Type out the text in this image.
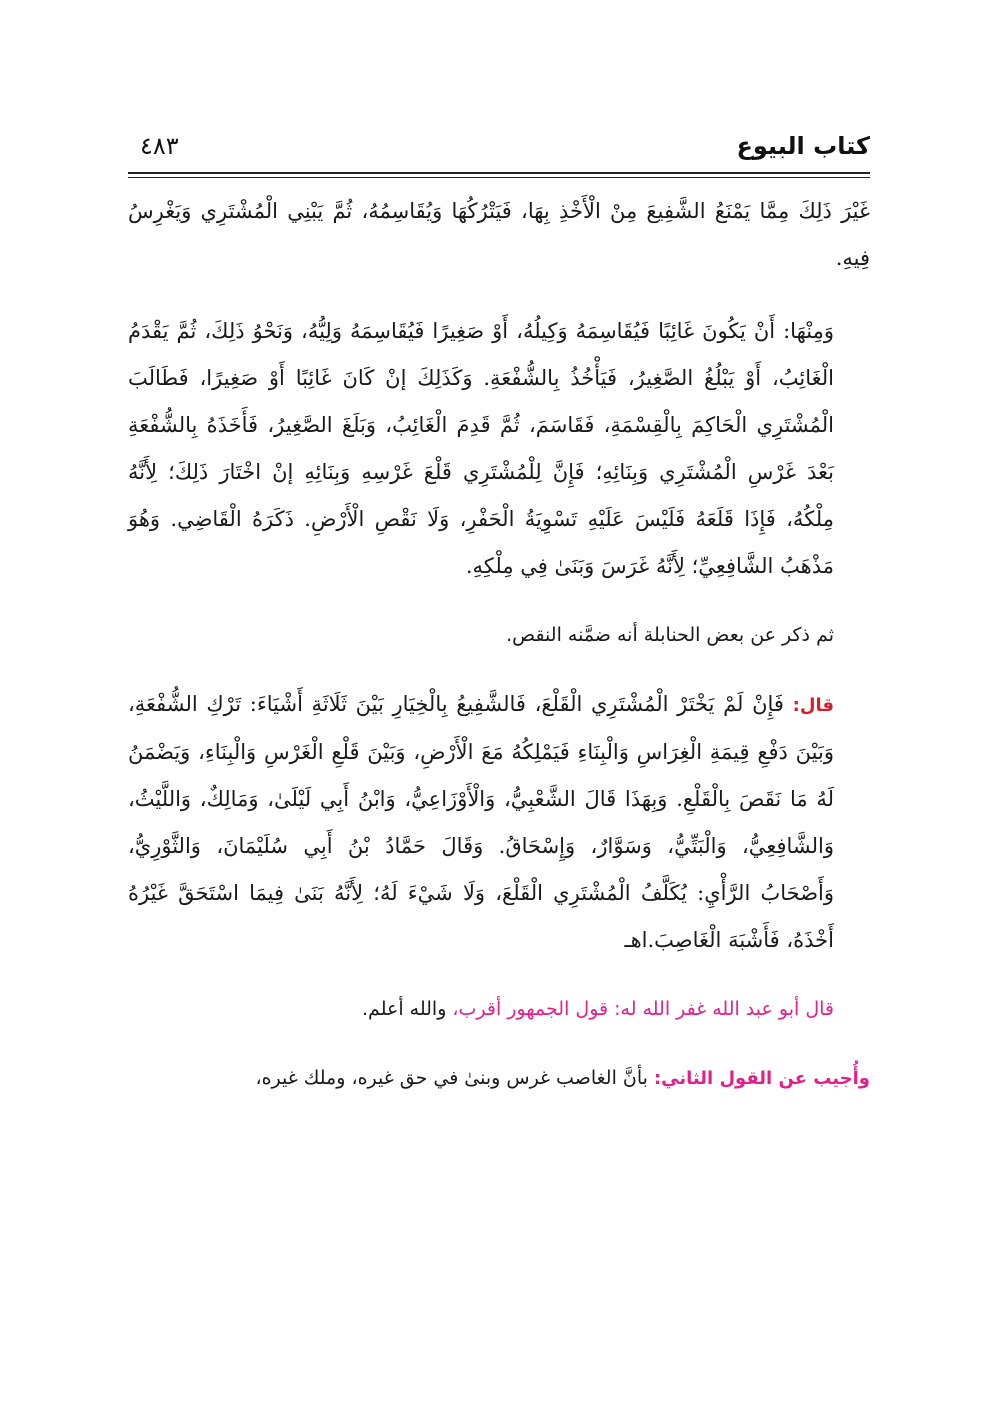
كتاب البيوع
٤٨٣

غَيْرَ ذَلِكَ مِمَّا يَمْنَعُ الشَّفِيعَ مِنْ الْأَخْذِ بِهَا، فَيَتْرُكُهَا وَيُقَاسِمُهُ، ثُمَّ يَبْنِي الْمُشْتَرِي وَيَغْرِسُ فِيهِ.

وَمِنْهَا: أَنْ يَكُونَ غَائِبًا فَيُقَاسِمَهُ وَكِيلُهُ، أَوْ صَغِيرًا فَيُقَاسِمَهُ وَلِيُّهُ، وَنَحْوُ ذَلِكَ، ثُمَّ يَقْدَمُ الْغَائِبُ، أَوْ يَبْلُغُ الصَّغِيرُ، فَيَأْخُذُ بِالشُّفْعَةِ. وَكَذَلِكَ إنْ كَانَ غَائِبًا أَوْ صَغِيرًا، فَطَالَبَ الْمُشْتَرِي الْحَاكِمَ بِالْقِسْمَةِ، فَقَاسَمَ، ثُمَّ قَدِمَ الْغَائِبُ، وَبَلَغَ الصَّغِيرُ، فَأَخَذَهُ بِالشُّفْعَةِ بَعْدَ غَرْسِ الْمُشْتَرِي وَبِنَائِهِ؛ فَإِنَّ لِلْمُشْتَرِي قَلْعَ غَرْسِهِ وَبِنَائِهِ إنْ اخْتَارَ ذَلِكَ؛ لِأَنَّهُ مِلْكُهُ، فَإِذَا قَلَعَهُ فَلَيْسَ عَلَيْهِ تَسْوِيَةُ الْحَفْرِ، وَلَا نَقْصِ الْأَرْضِ. ذَكَرَهُ الْقَاضِي. وَهُوَ مَذْهَبُ الشَّافِعِيِّ؛ لِأَنَّهُ غَرَسَ وَبَنَىٰ فِي مِلْكِهِ.

ثم ذكر عن بعض الحنابلة أنه ضمَّنه النقص.

قال: فَإِنْ لَمْ يَخْتَرْ الْمُشْتَرِي الْقَلْعَ، فَالشَّفِيعُ بِالْخِيَارِ بَيْنَ ثَلَاثَةِ أَشْيَاءَ: تَرْكِ الشُّفْعَةِ، وَبَيْنَ دَفْعِ قِيمَةِ الْغِرَاسِ وَالْبِنَاءِ فَيَمْلِكُهُ مَعَ الْأَرْضِ، وَبَيْنَ قَلْعِ الْغَرْسِ وَالْبِنَاءِ، وَيَضْمَنُ لَهُ مَا نَقَصَ بِالْقَلْعِ. وَبِهَذَا قَالَ الشَّعْبِيُّ، وَالْأَوْزَاعِيُّ، وَابْنُ أَبِي لَيْلَىٰ، وَمَالِكٌ، وَاللَّيْثُ، وَالشَّافِعِيُّ، وَالْبَتِّيُّ، وَسَوَّارٌ، وَإِسْحَاقُ. وَقَالَ حَمَّادُ بْنُ أَبِي سُلَيْمَانَ، وَالثَّوْرِيُّ، وَأَصْحَابُ الرَّأْيِ: يُكَلَّفُ الْمُشْتَرِي الْقَلْعَ، وَلَا شَيْءَ لَهُ؛ لِأَنَّهُ بَنَىٰ فِيمَا اسْتَحَقَّ غَيْرُهُ أَخْذَهُ، فَأَشْبَهَ الْغَاصِبَ.اهـ

قال أبو عبد الله غفر الله له: قول الجمهور أقرب، والله أعلم.

وأُجيب عن القول الثاني: بأنَّ الغاصب غرس وبنىٰ في حق غيره، وملك غيره،
